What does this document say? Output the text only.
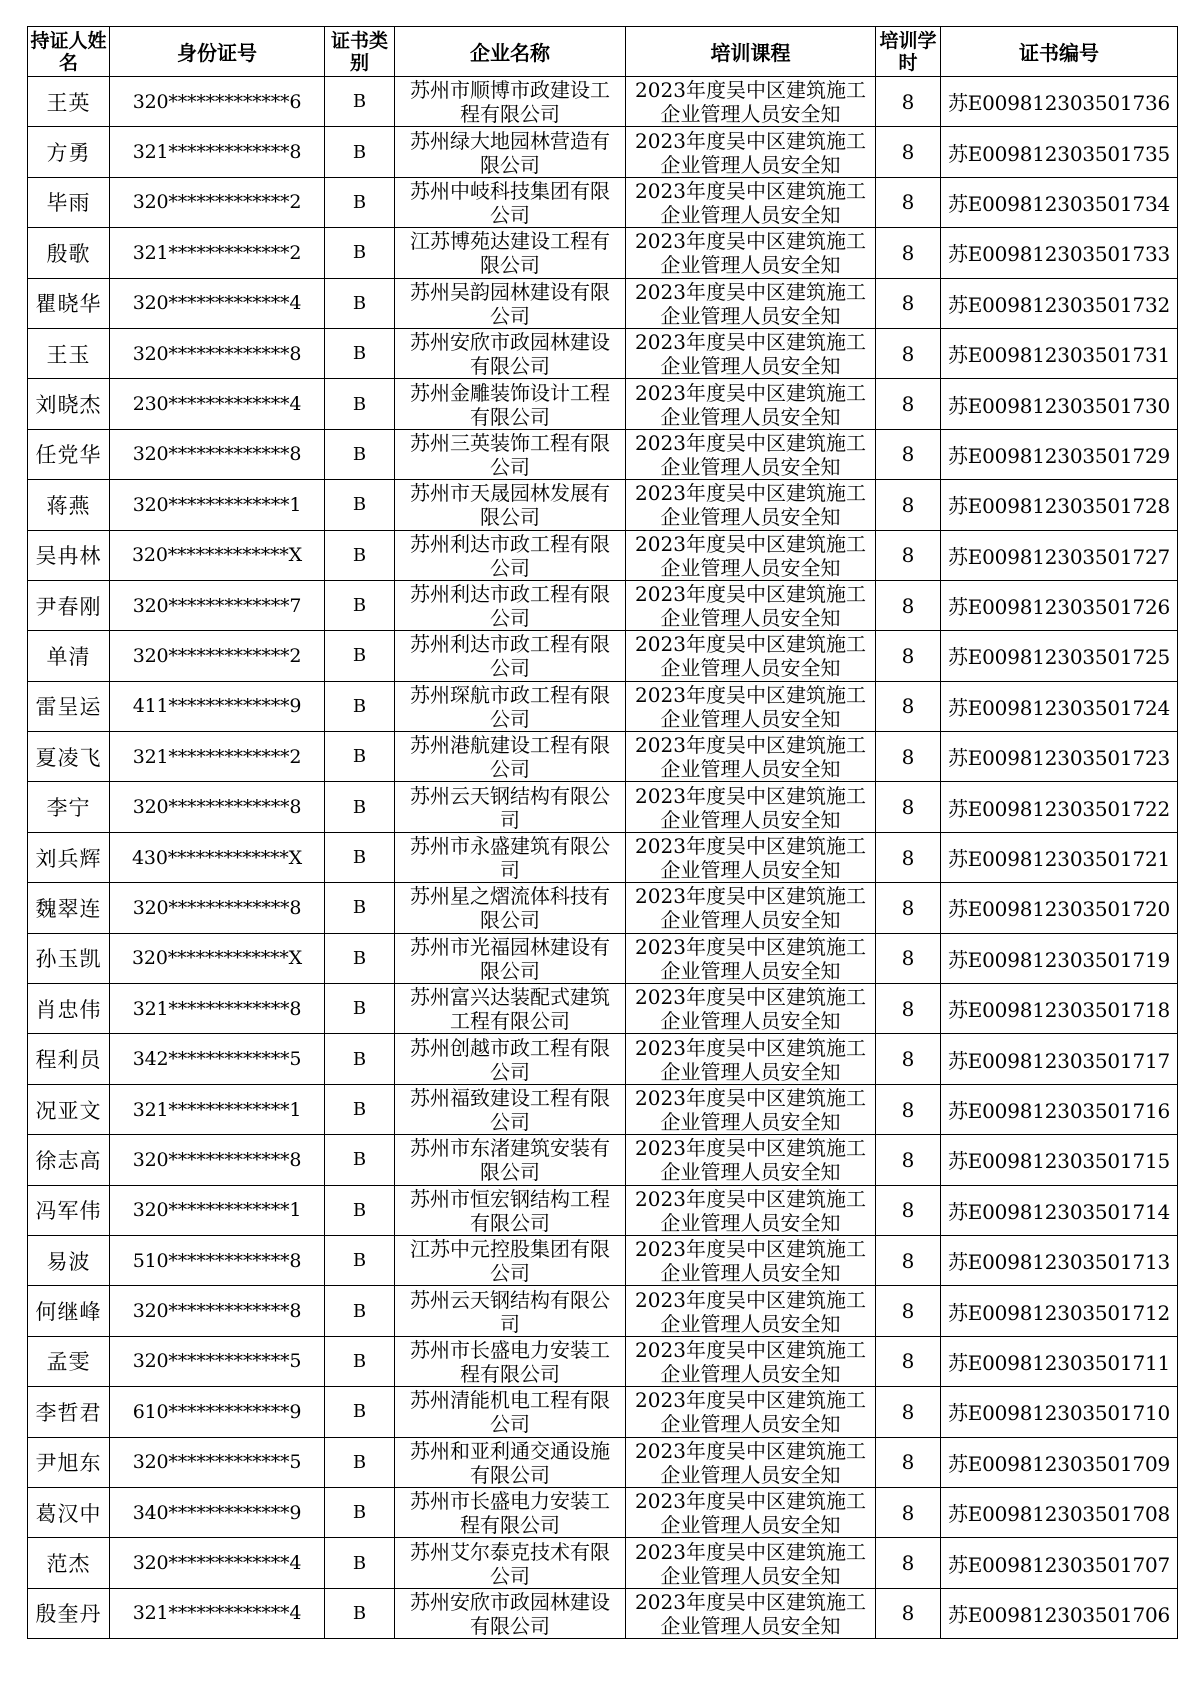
持证人姓名	身份证号	证书类别	企业名称	培训课程	培训学时	证书编号
王英	320*************6	B	苏州市顺博市政建设工程有限公司	2023年度吴中区建筑施工企业管理人员安全知	8	苏E009812303501736
方勇	321*************8	B	苏州绿大地园林营造有限公司	2023年度吴中区建筑施工企业管理人员安全知	8	苏E009812303501735
毕雨	320*************2	B	苏州中岐科技集团有限公司	2023年度吴中区建筑施工企业管理人员安全知	8	苏E009812303501734
殷歌	321*************2	B	江苏博苑达建设工程有限公司	2023年度吴中区建筑施工企业管理人员安全知	8	苏E009812303501733
瞿晓华	320*************4	B	苏州吴韵园林建设有限公司	2023年度吴中区建筑施工企业管理人员安全知	8	苏E009812303501732
王玉	320*************8	B	苏州安欣市政园林建设有限公司	2023年度吴中区建筑施工企业管理人员安全知	8	苏E009812303501731
刘晓杰	230*************4	B	苏州金雕装饰设计工程有限公司	2023年度吴中区建筑施工企业管理人员安全知	8	苏E009812303501730
任党华	320*************8	B	苏州三英装饰工程有限公司	2023年度吴中区建筑施工企业管理人员安全知	8	苏E009812303501729
蒋燕	320*************1	B	苏州市天晟园林发展有限公司	2023年度吴中区建筑施工企业管理人员安全知	8	苏E009812303501728
吴冉林	320*************X	B	苏州利达市政工程有限公司	2023年度吴中区建筑施工企业管理人员安全知	8	苏E009812303501727
尹春刚	320*************7	B	苏州利达市政工程有限公司	2023年度吴中区建筑施工企业管理人员安全知	8	苏E009812303501726
单清	320*************2	B	苏州利达市政工程有限公司	2023年度吴中区建筑施工企业管理人员安全知	8	苏E009812303501725
雷呈运	411*************9	B	苏州琛航市政工程有限公司	2023年度吴中区建筑施工企业管理人员安全知	8	苏E009812303501724
夏凌飞	321*************2	B	苏州港航建设工程有限公司	2023年度吴中区建筑施工企业管理人员安全知	8	苏E009812303501723
李宁	320*************8	B	苏州云天钢结构有限公司	2023年度吴中区建筑施工企业管理人员安全知	8	苏E009812303501722
刘兵辉	430*************X	B	苏州市永盛建筑有限公司	2023年度吴中区建筑施工企业管理人员安全知	8	苏E009812303501721
魏翠连	320*************8	B	苏州星之熠流体科技有限公司	2023年度吴中区建筑施工企业管理人员安全知	8	苏E009812303501720
孙玉凯	320*************X	B	苏州市光福园林建设有限公司	2023年度吴中区建筑施工企业管理人员安全知	8	苏E009812303501719
肖忠伟	321*************8	B	苏州富兴达装配式建筑工程有限公司	2023年度吴中区建筑施工企业管理人员安全知	8	苏E009812303501718
程利员	342*************5	B	苏州创越市政工程有限公司	2023年度吴中区建筑施工企业管理人员安全知	8	苏E009812303501717
况亚文	321*************1	B	苏州福致建设工程有限公司	2023年度吴中区建筑施工企业管理人员安全知	8	苏E009812303501716
徐志高	320*************8	B	苏州市东渚建筑安装有限公司	2023年度吴中区建筑施工企业管理人员安全知	8	苏E009812303501715
冯军伟	320*************1	B	苏州市恒宏钢结构工程有限公司	2023年度吴中区建筑施工企业管理人员安全知	8	苏E009812303501714
易波	510*************8	B	江苏中元控股集团有限公司	2023年度吴中区建筑施工企业管理人员安全知	8	苏E009812303501713
何继峰	320*************8	B	苏州云天钢结构有限公司	2023年度吴中区建筑施工企业管理人员安全知	8	苏E009812303501712
孟雯	320*************5	B	苏州市长盛电力安装工程有限公司	2023年度吴中区建筑施工企业管理人员安全知	8	苏E009812303501711
李哲君	610*************9	B	苏州清能机电工程有限公司	2023年度吴中区建筑施工企业管理人员安全知	8	苏E009812303501710
尹旭东	320*************5	B	苏州和亚利通交通设施有限公司	2023年度吴中区建筑施工企业管理人员安全知	8	苏E009812303501709
葛汉中	340*************9	B	苏州市长盛电力安装工程有限公司	2023年度吴中区建筑施工企业管理人员安全知	8	苏E009812303501708
范杰	320*************4	B	苏州艾尔泰克技术有限公司	2023年度吴中区建筑施工企业管理人员安全知	8	苏E009812303501707
殷奎丹	321*************4	B	苏州安欣市政园林建设有限公司	2023年度吴中区建筑施工企业管理人员安全知	8	苏E009812303501706
